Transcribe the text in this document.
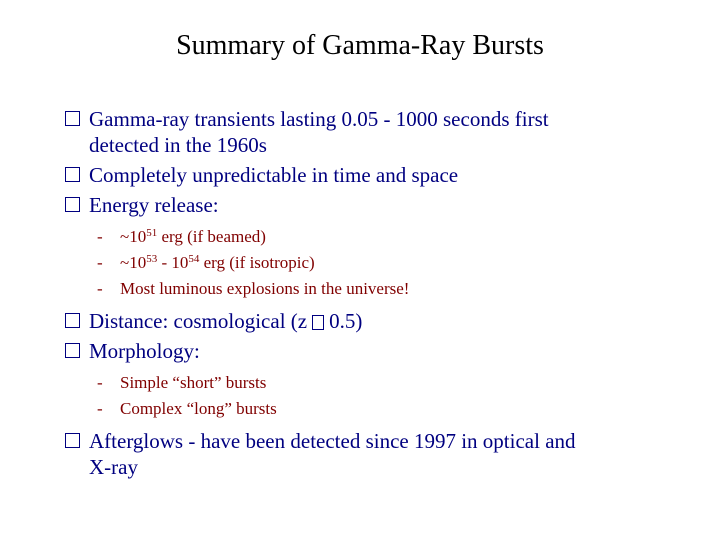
Summary of Gamma-Ray Bursts
Gamma-ray transients lasting 0.05 - 1000 seconds first
detected in the 1960s
Completely unpredictable in time and space
Energy release:
- $\sim 10^{51}$ erg (if beamed)
- $\sim 10^{53} - 10^{54}$ erg (if isotropic)
- Most luminous explosions in the universe!
Distance: cosmological (z 0.5)
Morphology:
- Simple “short” bursts
- Complex “long” bursts
Afterglows - have been detected since 1997 in optical and
X-ray
